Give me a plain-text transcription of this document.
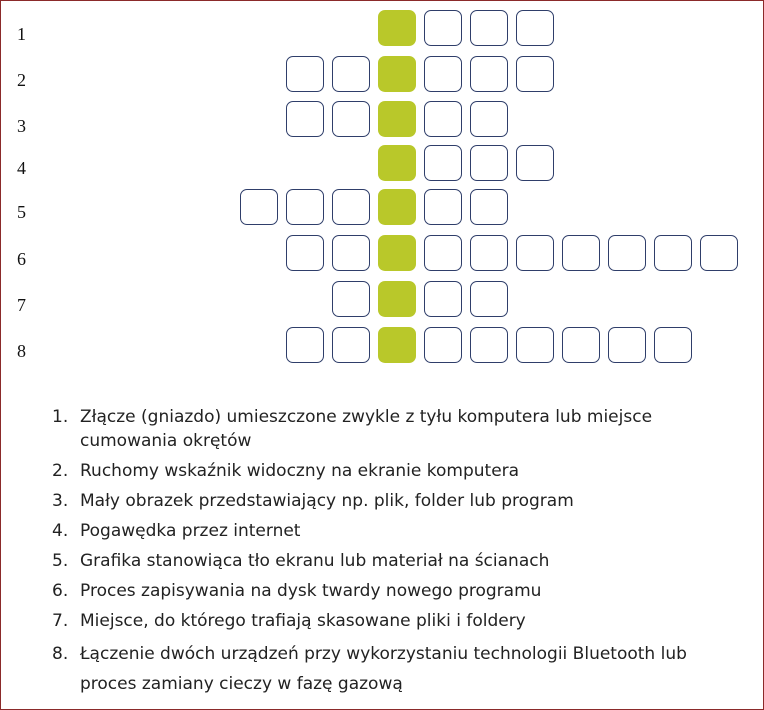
1
2
3
4
5
6
7
8
1. Złącze (gniazdo) umieszczone zwykle z tyłu komputera lub miejsce cumowania okrętów
2. Ruchomy wskaźnik widoczny na ekranie komputera
3. Mały obrazek przedstawiający np. plik, folder lub program
4. Pogawędka przez internet
5. Grafika stanowiąca tło ekranu lub materiał na ścianach
6. Proces zapisywania na dysk twardy nowego programu
7. Miejsce, do którego trafiają skasowane pliki i foldery
8. Łączenie dwóch urządzeń przy wykorzystaniu technologii Bluetooth lub proces zamiany cieczy w fazę gazową
